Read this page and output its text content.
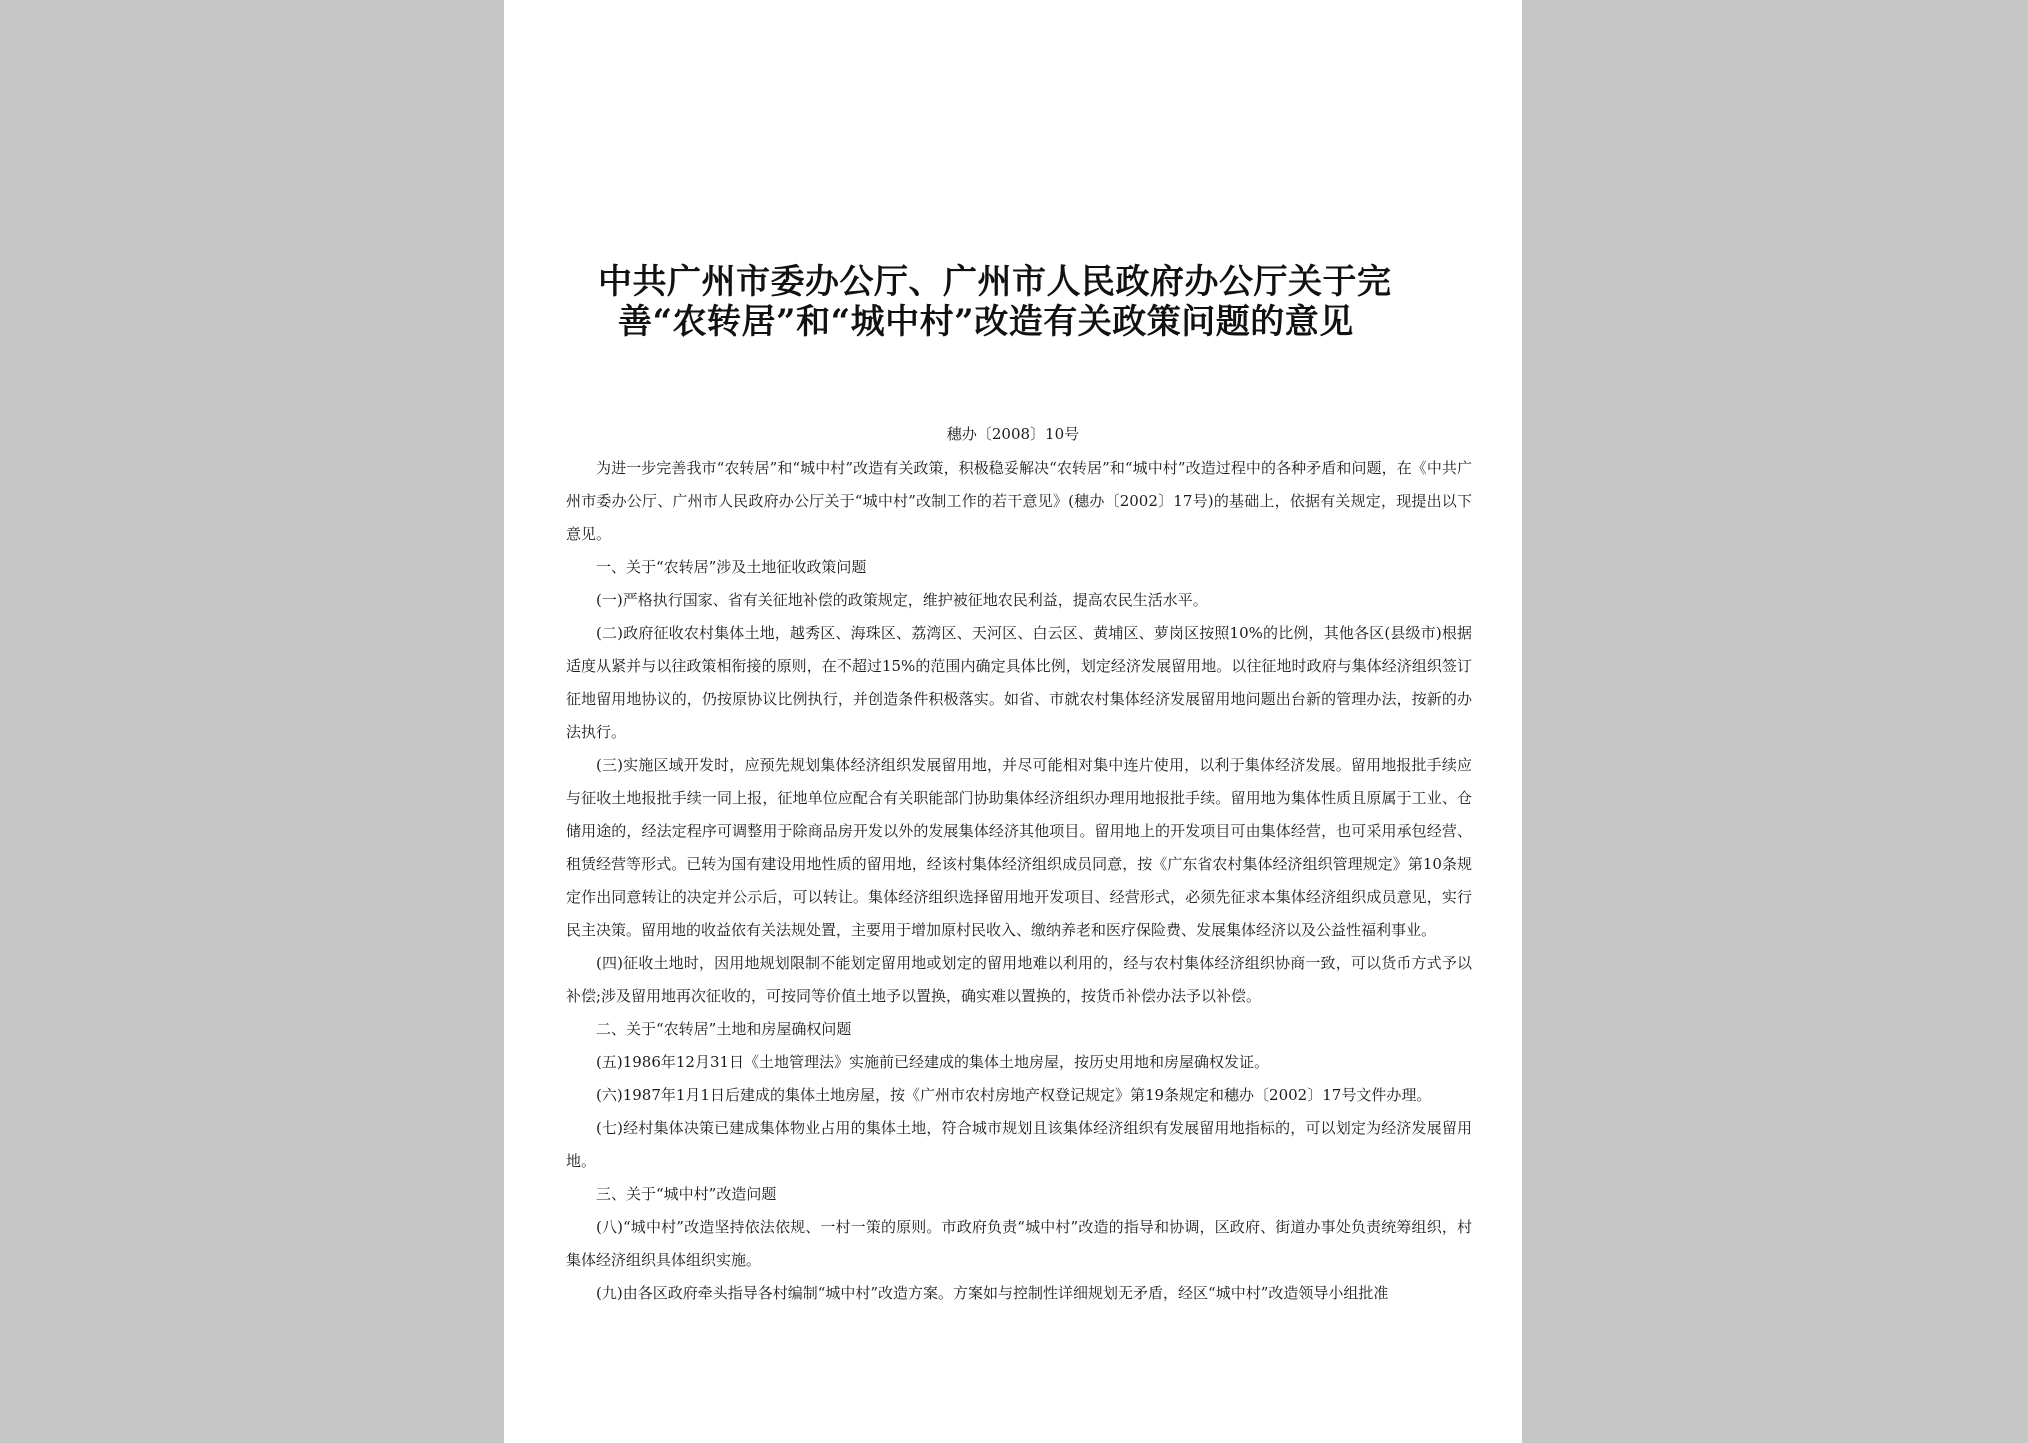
中共广州市委办公厅、广州市人民政府办公厅关于完
善“农转居”和“城中村”改造有关政策问题的意见
穗办〔2008〕10号

为进一步完善我市“农转居”和“城中村”改造有关政策，积极稳妥解决“农转居”和“城中村”改造过程中的各种矛盾和问题，在《中共广州市委办公厅、广州市人民政府办公厅关于“城中村”改制工作的若干意见》(穗办〔2002〕17号)的基础上，依据有关规定，现提出以下意见。

一、关于“农转居”涉及土地征收政策问题

(一)严格执行国家、省有关征地补偿的政策规定，维护被征地农民利益，提高农民生活水平。

(二)政府征收农村集体土地，越秀区、海珠区、荔湾区、天河区、白云区、黄埔区、萝岗区按照10%的比例，其他各区(县级市)根据适度从紧并与以往政策相衔接的原则，在不超过15%的范围内确定具体比例，划定经济发展留用地。以往征地时政府与集体经济组织签订征地留用地协议的，仍按原协议比例执行，并创造条件积极落实。如省、市就农村集体经济发展留用地问题出台新的管理办法，按新的办法执行。

(三)实施区域开发时，应预先规划集体经济组织发展留用地，并尽可能相对集中连片使用，以利于集体经济发展。留用地报批手续应与征收土地报批手续一同上报，征地单位应配合有关职能部门协助集体经济组织办理用地报批手续。留用地为集体性质且原属于工业、仓储用途的，经法定程序可调整用于除商品房开发以外的发展集体经济其他项目。留用地上的开发项目可由集体经营，也可采用承包经营、租赁经营等形式。已转为国有建设用地性质的留用地，经该村集体经济组织成员同意，按《广东省农村集体经济组织管理规定》第10条规定作出同意转让的决定并公示后，可以转让。集体经济组织选择留用地开发项目、经营形式，必须先征求本集体经济组织成员意见，实行民主决策。留用地的收益依有关法规处置，主要用于增加原村民收入、缴纳养老和医疗保险费、发展集体经济以及公益性福利事业。

(四)征收土地时，因用地规划限制不能划定留用地或划定的留用地难以利用的，经与农村集体经济组织协商一致，可以货币方式予以补偿;涉及留用地再次征收的，可按同等价值土地予以置换，确实难以置换的，按货币补偿办法予以补偿。

二、关于“农转居”土地和房屋确权问题

(五)1986年12月31日《土地管理法》实施前已经建成的集体土地房屋，按历史用地和房屋确权发证。

(六)1987年1月1日后建成的集体土地房屋，按《广州市农村房地产权登记规定》第19条规定和穗办〔2002〕17号文件办理。

(七)经村集体决策已建成集体物业占用的集体土地，符合城市规划且该集体经济组织有发展留用地指标的，可以划定为经济发展留用地。

三、关于“城中村”改造问题

(八)“城中村”改造坚持依法依规、一村一策的原则。市政府负责“城中村”改造的指导和协调，区政府、街道办事处负责统筹组织，村集体经济组织具体组织实施。

(九)由各区政府牵头指导各村编制“城中村”改造方案。方案如与控制性详细规划无矛盾，经区“城中村”改造领导小组批准
